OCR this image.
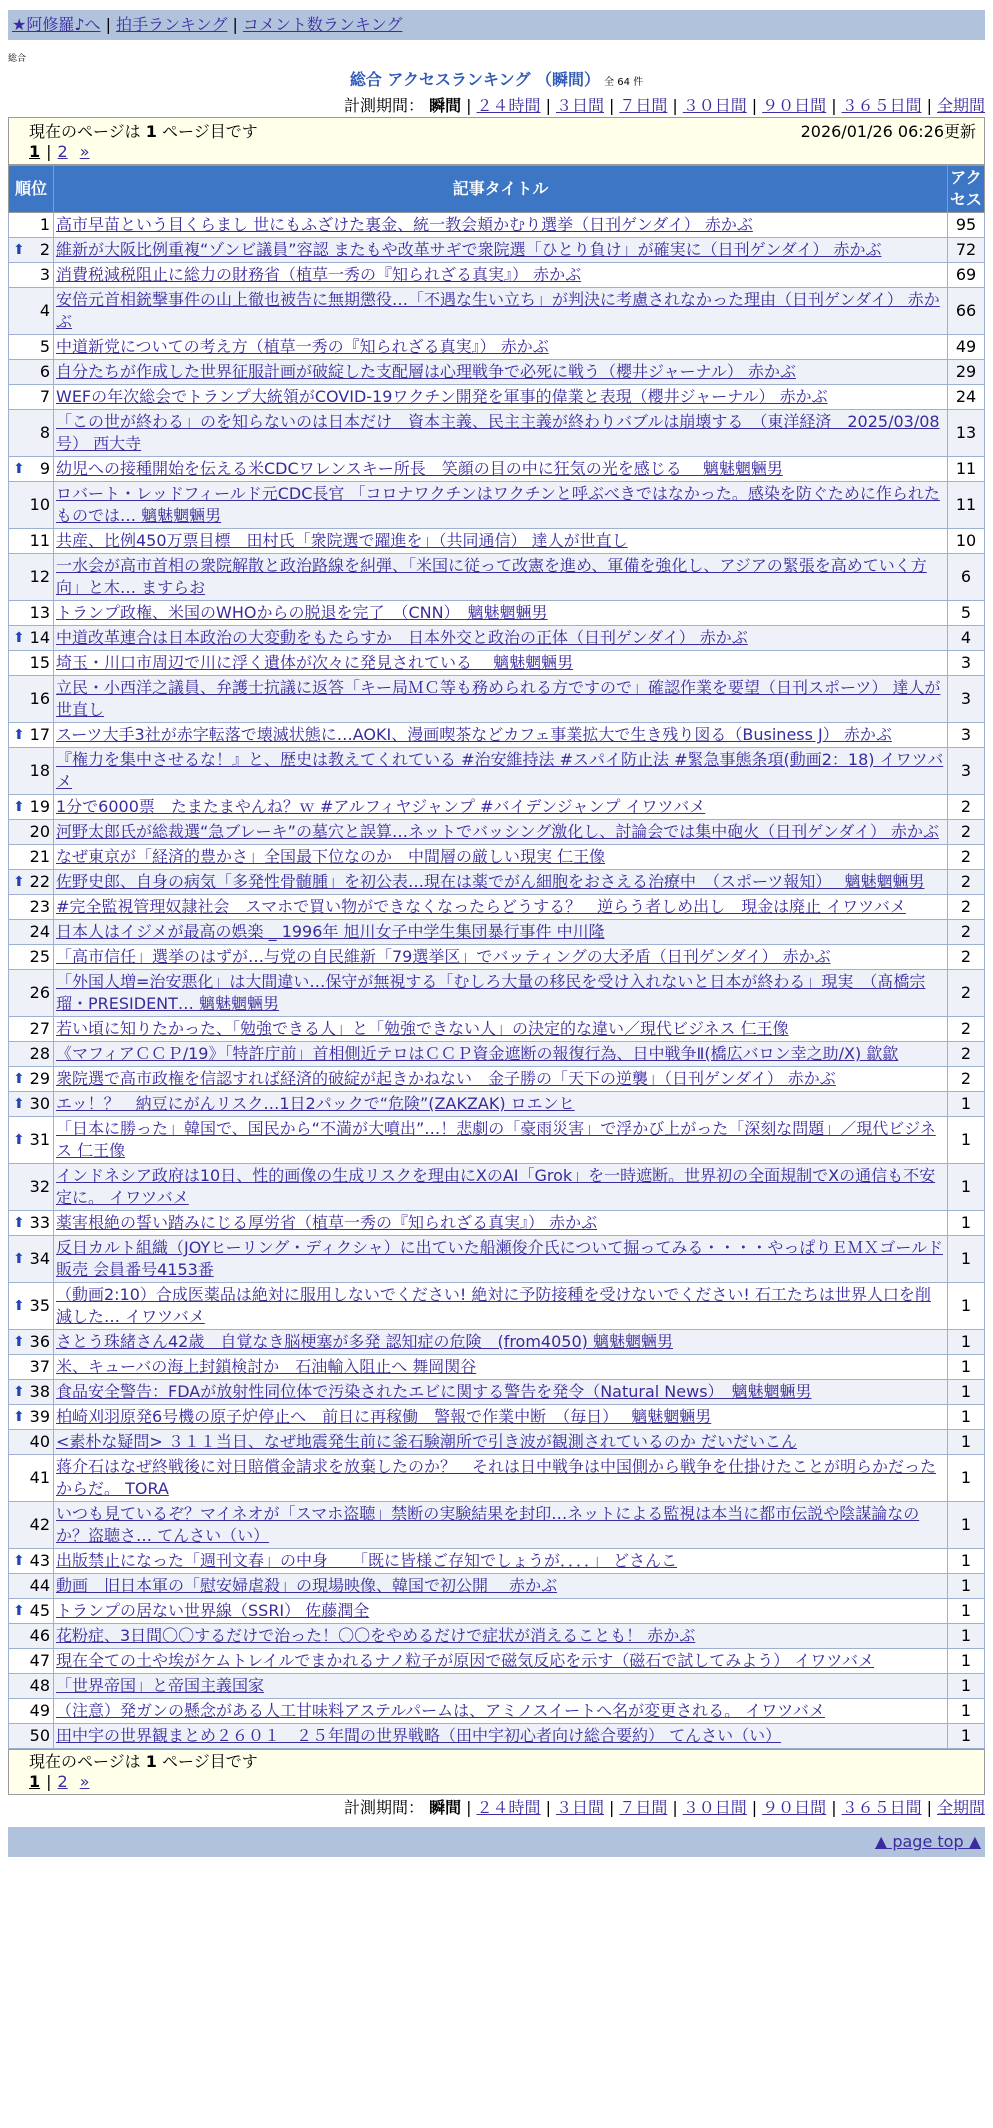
★阿修羅♪へ | 拍手ランキング | コメント数ランキング
総合
総合 アクセスランキング （瞬間） 全 64 件
計測期間： 瞬間 | ２４時間 | ３日間 | ７日間 | ３０日間 | ９０日間 | ３６５日間 | 全期間
現在のページは 1 ページ目です	2026/01/26 06:26更新
1 | 2 »
順位	記事タイトル	アクセス
1	高市早苗という目くらまし 世にもふざけた裏金、統一教会頬かむり選挙（日刊ゲンダイ） 赤かぶ	95

⬆ 2	維新が大阪比例重複“ゾンビ議員”容認 またもや改革サギで衆院選「ひとり負け」が確実に（日刊ゲンダイ） 赤かぶ	72
3	消費税減税阻止に総力の財務省（植草一秀の『知られざる真実』） 赤かぶ	69
4	安倍元首相銃撃事件の山上徹也被告に無期懲役…「不遇な生い立ち」が判決に考慮されなかった理由（日刊ゲンダイ） 赤かぶ	66
5	中道新党についての考え方（植草一秀の『知られざる真実』） 赤かぶ	49
6	自分たちが作成した世界征服計画が破綻した支配層は心理戦争で必死に戦う（櫻井ジャーナル） 赤かぶ	29
7	WEFの年次総会でトランプ大統領がCOVID-19ワクチン開発を軍事的偉業と表現（櫻井ジャーナル） 赤かぶ	24
8	「この世が終わる」のを知らないのは日本だけ　資本主義、民主主義が終わりバブルは崩壊する　（東洋経済　2025/03/08号） 西大寺	13

⬆ 9	幼児への接種開始を伝える米CDCワレンスキー所長　笑顔の目の中に狂気の光を感じる　 魑魅魍魎男	11
10	ロバート・レッドフィールド元CDC長官 「コロナワクチンはワクチンと呼ぶべきではなかった。感染を防ぐために作られたものでは… 魑魅魍魎男	11
11	共産、比例450万票目標　田村氏「衆院選で躍進を」（共同通信） 達人が世直し	10
12	一水会が高市首相の衆院解散と政治路線を糾弾、「米国に従って改憲を進め、軍備を強化し、アジアの緊張を高めていく方向」と木… ますらお	6
13	トランプ政権、米国のWHOからの脱退を完了　（CNN）　魑魅魍魎男	5

⬆ 14	中道改革連合は日本政治の大変動をもたらすか　日本外交と政治の正体（日刊ゲンダイ） 赤かぶ	4
15	埼玉・川口市周辺で川に浮く遺体が次々に発見されている　 魑魅魍魎男	3
16	立民・小西洋之議員、弁護士抗議に返答「キー局ＭＣ等も務められる方ですので」確認作業を要望（日刊スポーツ） 達人が世直し	3

⬆ 17	スーツ大手3社が赤字転落で壊滅状態に…AOKI、漫画喫茶などカフェ事業拡大で生き残り図る（Business J） 赤かぶ	3
18	『権力を集中させるな！』と、歴史は教えてくれている #治安維持法 #スパイ防止法 #緊急事態条項(動画2：18) イワツバメ	3

⬆ 19	1分で6000票　たまたまやんね？ｗ #アルフィヤジャンプ #バイデンジャンプ イワツバメ	2
20	河野太郎氏が総裁選“急ブレーキ”の墓穴と誤算…ネットでバッシング激化し、討論会では集中砲火（日刊ゲンダイ） 赤かぶ	2
21	なぜ東京が「経済的豊かさ」全国最下位なのか　中間層の厳しい現実 仁王像	2

⬆ 22	佐野史郎、自身の病気「多発性骨髄腫」を初公表…現在は薬でがん細胞をおさえる治療中　（スポーツ報知）　 魑魅魍魎男	2
23	#完全監視管理奴隷社会　スマホで買い物ができなくなったらどうする？　逆らう者しめ出し　現金は廃止 イワツバメ	2
24	日本人はイジメが最高の娯楽 _ 1996年 旭川女子中学生集団暴行事件 中川隆	2
25	「高市信任」選挙のはずが…与党の自民維新「79選挙区」でバッティングの大矛盾（日刊ゲンダイ） 赤かぶ	2
26	「外国人増=治安悪化」は大間違い…保守が無視する「むしろ大量の移民を受け入れないと日本が終わる」現実　（髙橋宗瑠・PRESIDENT… 魑魅魍魎男	2
27	若い頃に知りたかった、「勉強できる人」と「勉強できない人」の決定的な違い／現代ビジネス 仁王像	2
28	《マフィアＣＣＰ/19》「特許庁前」首相側近テロはＣＣＰ資金遮断の報復行為、日中戦争Ⅱ(橋広バロン幸之助/X) 歙歙	2

⬆ 29	衆院選で高市政権を信認すれば経済的破綻が起きかねない　金子勝の「天下の逆襲」（日刊ゲンダイ） 赤かぶ	2

⬆ 30	エッ！？　納豆にがんリスク…1日2パックで“危険”(ZAKZAK) ロエンヒ	1

⬆ 31	「日本に勝った」韓国で、国民から“不満が大噴出”…！悲劇の「豪雨災害」で浮かび上がった「深刻な問題」／現代ビジネス 仁王像	1
32	インドネシア政府は10日、性的画像の生成リスクを理由にXのAI「Grok」を一時遮断。世界初の全面規制でXの通信も不安定に。 イワツバメ	1

⬆ 33	薬害根絶の誓い踏みにじる厚労省（植草一秀の『知られざる真実』） 赤かぶ	1

⬆ 34	反日カルト組織（JOYヒーリング・ディクシャ）に出ていた船瀬俊介氏について掘ってみる・・・・やっぱりＥＭＸゴールド販売 会員番号4153番	1

⬆ 35	（動画2:10）合成医薬品は絶対に服用しないでください! 絶対に予防接種を受けないでください! 石工たちは世界人口を削減した… イワツバメ	1

⬆ 36	さとう珠緒さん42歳　自覚なき脳梗塞が多発 認知症の危険　(from4050) 魑魅魍魎男	1
37	米、キューバの海上封鎖検討か　石油輸入阻止へ 舞岡関谷	1

⬆ 38	食品安全警告：FDAが放射性同位体で汚染されたエビに関する警告を発令（Natural News）　魑魅魍魎男	1

⬆ 39	柏崎刈羽原発6号機の原子炉停止へ　前日に再稼働　警報で作業中断　（毎日）　 魑魅魍魎男	1
40	<素朴な疑問> ３１１当日、なぜ地震発生前に釜石験潮所で引き波が観測されているのか だいだいこん	1
41	蒋介石はなぜ終戦後に対日賠償金請求を放棄したのか？　それは日中戦争は中国側から戦争を仕掛けたことが明らかだったからだ。 TORA	1
42	いつも見ているぞ？マイネオが「スマホ盗聴」禁断の実験結果を封印…ネットによる監視は本当に都市伝説や陰謀論なのか？盗聴さ… てんさい（い）	1

⬆ 43	出版禁止になった「週刊文春」の中身　　「既に皆様ご存知でしょうが．．．．」 どさんこ	1
44	動画　旧日本軍の「慰安婦虐殺」の現場映像、韓国で初公開　 赤かぶ	1

⬆ 45	トランプの居ない世界線（SSRI） 佐藤潤全	1
46	花粉症、3日間〇〇するだけで治った！〇〇をやめるだけで症状が消えることも！ 赤かぶ	1
47	現在全ての土や埃がケムトレイルでまかれるナノ粒子が原因で磁気反応を示す（磁石で試してみよう） イワツバメ	1
48	「世界帝国」と帝国主義国家	1
49	（注意）発ガンの懸念がある人工甘味料アステルパームは、アミノスイートへ名が変更される。 イワツバメ	1
50	田中宇の世界観まとめ２６０１　２５年間の世界戦略（田中宇初心者向け総合要約） てんさい（い）	1
現在のページは 1 ページ目です
1 | 2 »
計測期間： 瞬間 | ２４時間 | ３日間 | ７日間 | ３０日間 | ９０日間 | ３６５日間 | 全期間
▲ page top ▲
